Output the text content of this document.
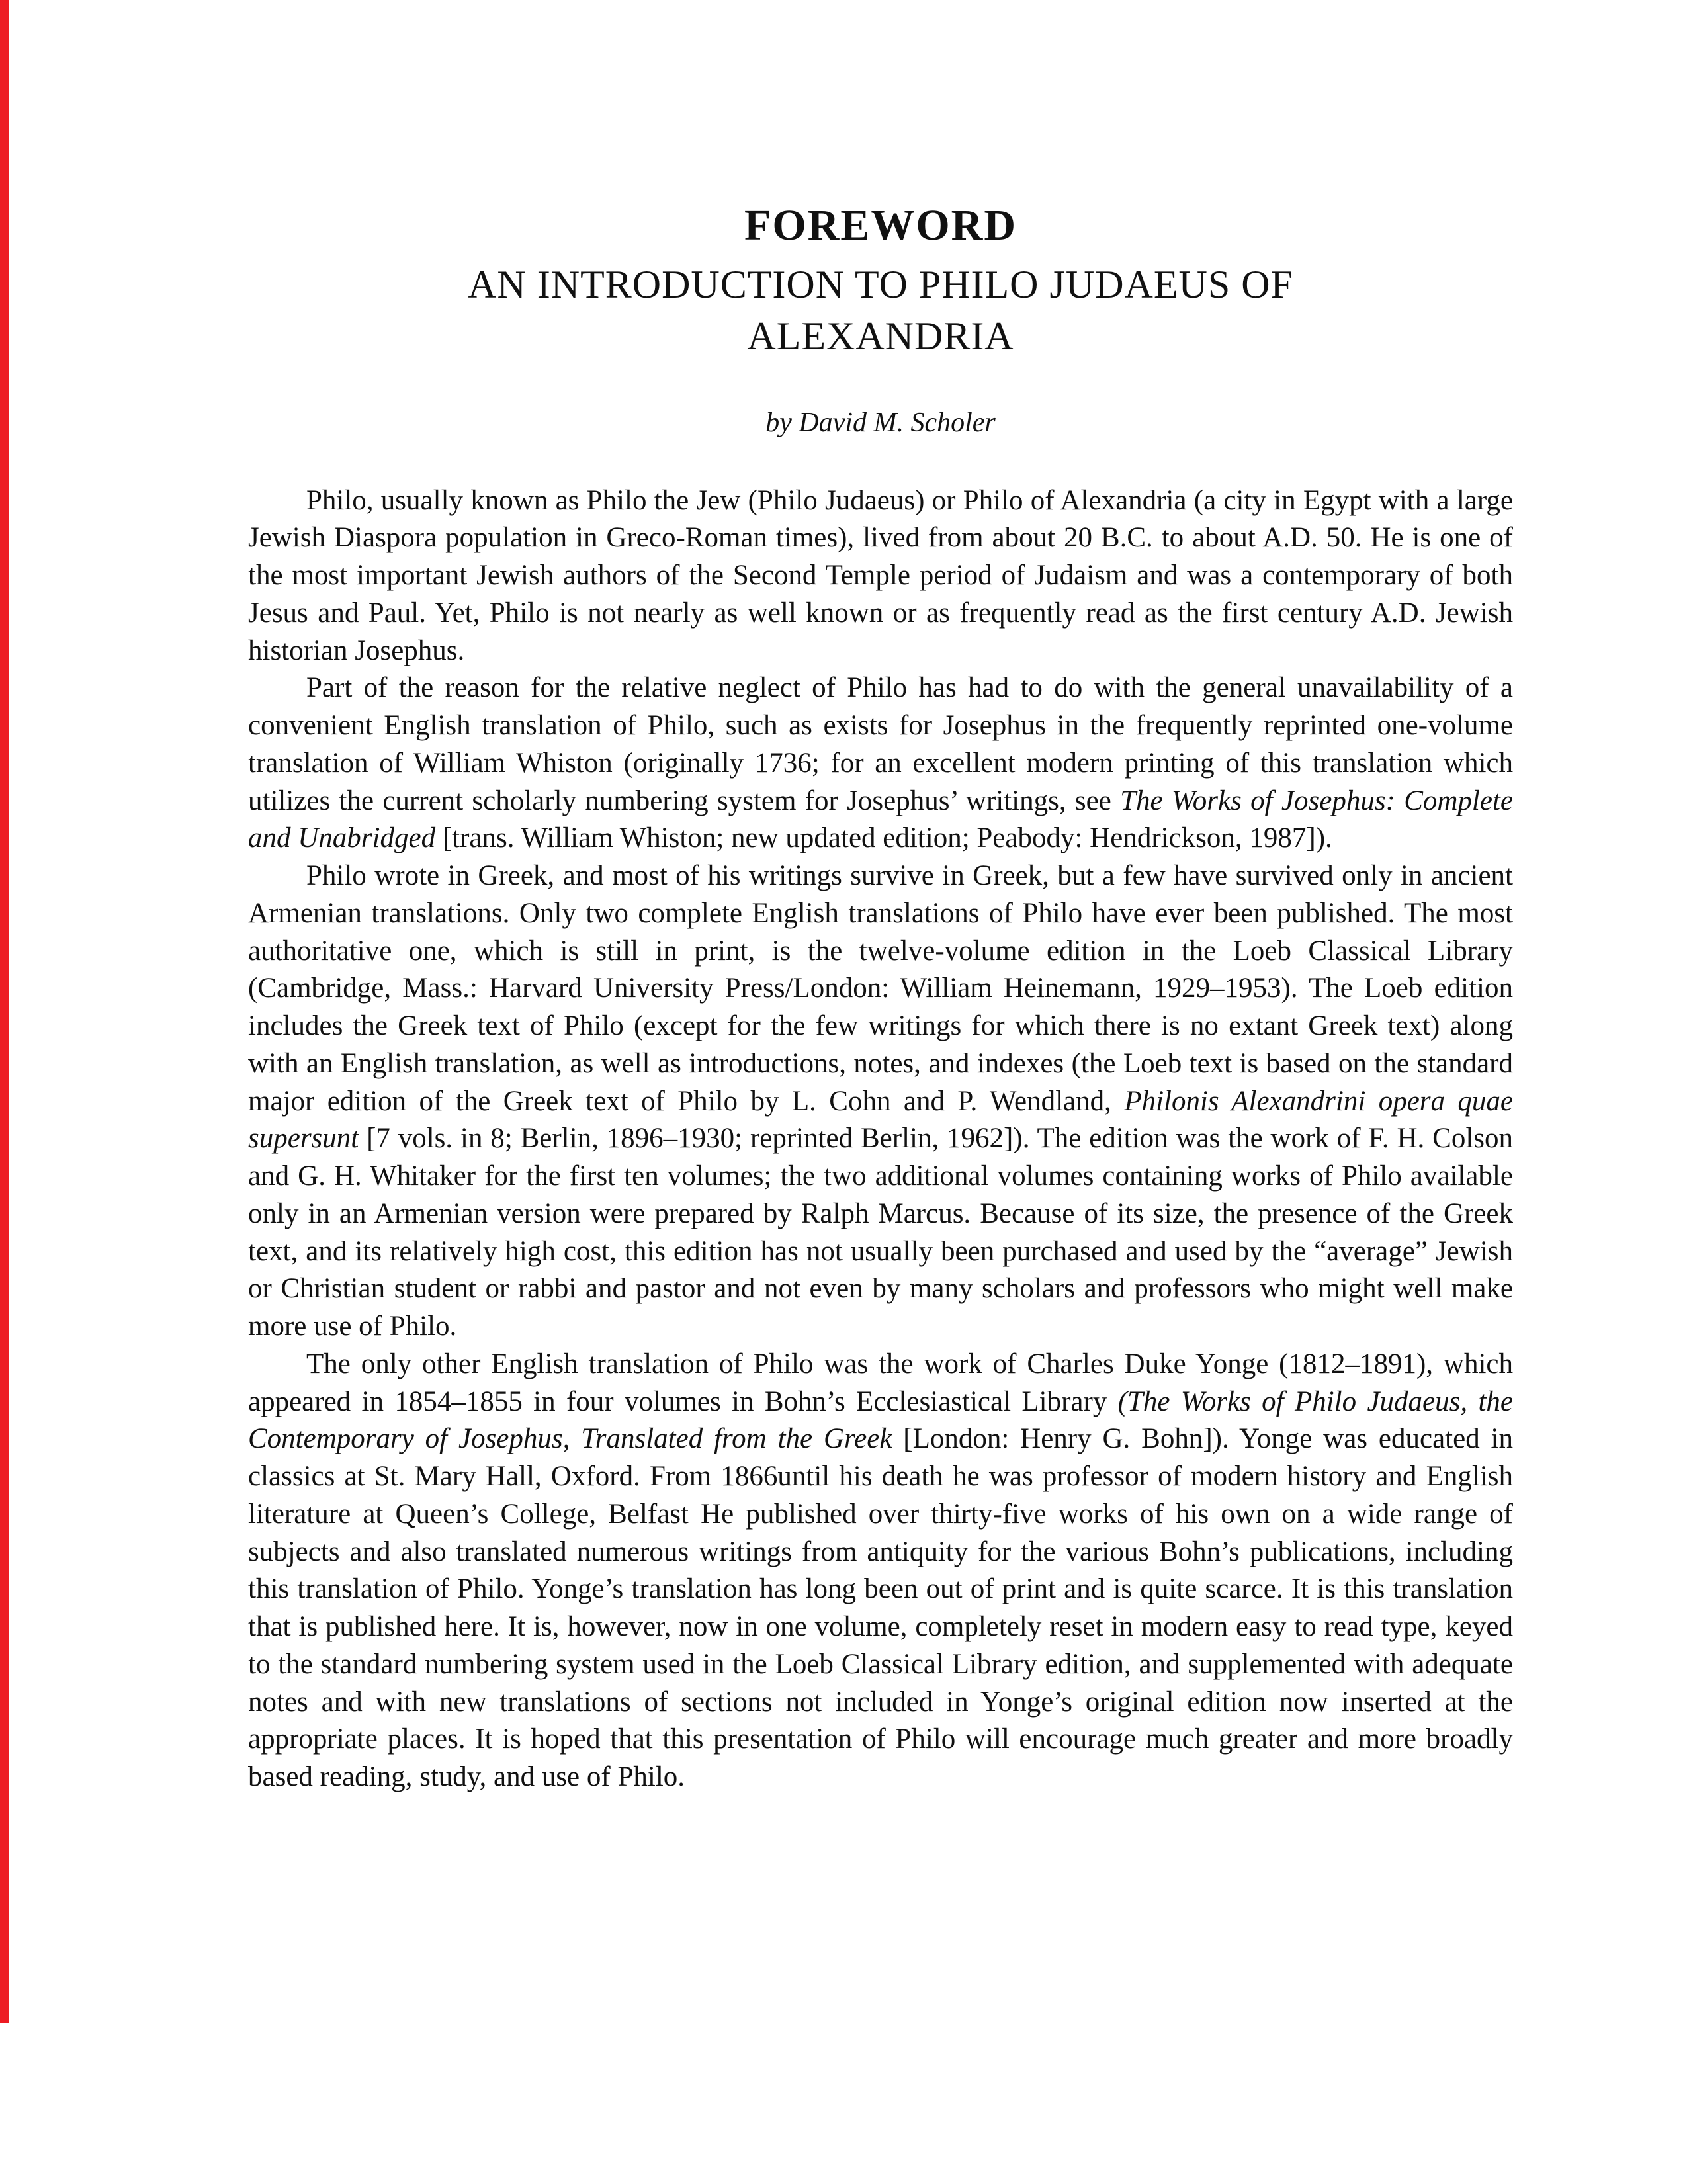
FOREWORD
AN INTRODUCTION TO PHILO JUDAEUS OF
ALEXANDRIA
by David M. Scholer

Philo, usually known as Philo the Jew (Philo Judaeus) or Philo of Alexandria (a city in Egypt with a large Jewish Diaspora population in Greco-Roman times), lived from about 20 B.C. to about A.D. 50. He is one of the most important Jewish authors of the Second Temple period of Judaism and was a contemporary of both Jesus and Paul. Yet, Philo is not nearly as well known or as frequently read as the first century A.D. Jewish historian Josephus.

Part of the reason for the relative neglect of Philo has had to do with the general unavailability of a convenient English translation of Philo, such as exists for Josephus in the frequently reprinted one-volume translation of William Whiston (originally 1736; for an excellent modern printing of this translation which utilizes the current scholarly numbering system for Josephus’ writings, see The Works of Josephus: Complete and Unabridged [trans. William Whiston; new updated edition; Peabody: Hendrickson, 1987]).

Philo wrote in Greek, and most of his writings survive in Greek, but a few have survived only in ancient Armenian translations. Only two complete English translations of Philo have ever been published. The most authoritative one, which is still in print, is the twelve-volume edition in the Loeb Classical Library (Cambridge, Mass.: Harvard University Press/London: William Heinemann, 1929–1953). The Loeb edition includes the Greek text of Philo (except for the few writings for which there is no extant Greek text) along with an English translation, as well as introductions, notes, and indexes (the Loeb text is based on the standard major edition of the Greek text of Philo by L. Cohn and P. Wendland, Philonis Alexandrini opera quae supersunt [7 vols. in 8; Berlin, 1896–1930; reprinted Berlin, 1962]). The edition was the work of F. H. Colson and G. H. Whitaker for the first ten volumes; the two additional volumes containing works of Philo available only in an Armenian version were prepared by Ralph Marcus. Because of its size, the presence of the Greek text, and its relatively high cost, this edition has not usually been purchased and used by the “average” Jewish or Christian student or rabbi and pastor and not even by many scholars and professors who might well make more use of Philo.

The only other English translation of Philo was the work of Charles Duke Yonge (1812–1891), which appeared in 1854–1855 in four volumes in Bohn’s Ecclesiastical Library (The Works of Philo Judaeus, the Contemporary of Josephus, Translated from the Greek [London: Henry G. Bohn]). Yonge was educated in classics at St. Mary Hall, Oxford. From 1866until his death he was professor of modern history and English literature at Queen’s College, Belfast He published over thirty-five works of his own on a wide range of subjects and also translated numerous writings from antiquity for the various Bohn’s publications, including this translation of Philo. Yonge’s translation has long been out of print and is quite scarce. It is this translation that is published here. It is, however, now in one volume, completely reset in modern easy to read type, keyed to the standard numbering system used in the Loeb Classical Library edition, and supplemented with adequate notes and with new translations of sections not included in Yonge’s original edition now inserted at the appropriate places. It is hoped that this presentation of Philo will encourage much greater and more broadly based reading, study, and use of Philo.
